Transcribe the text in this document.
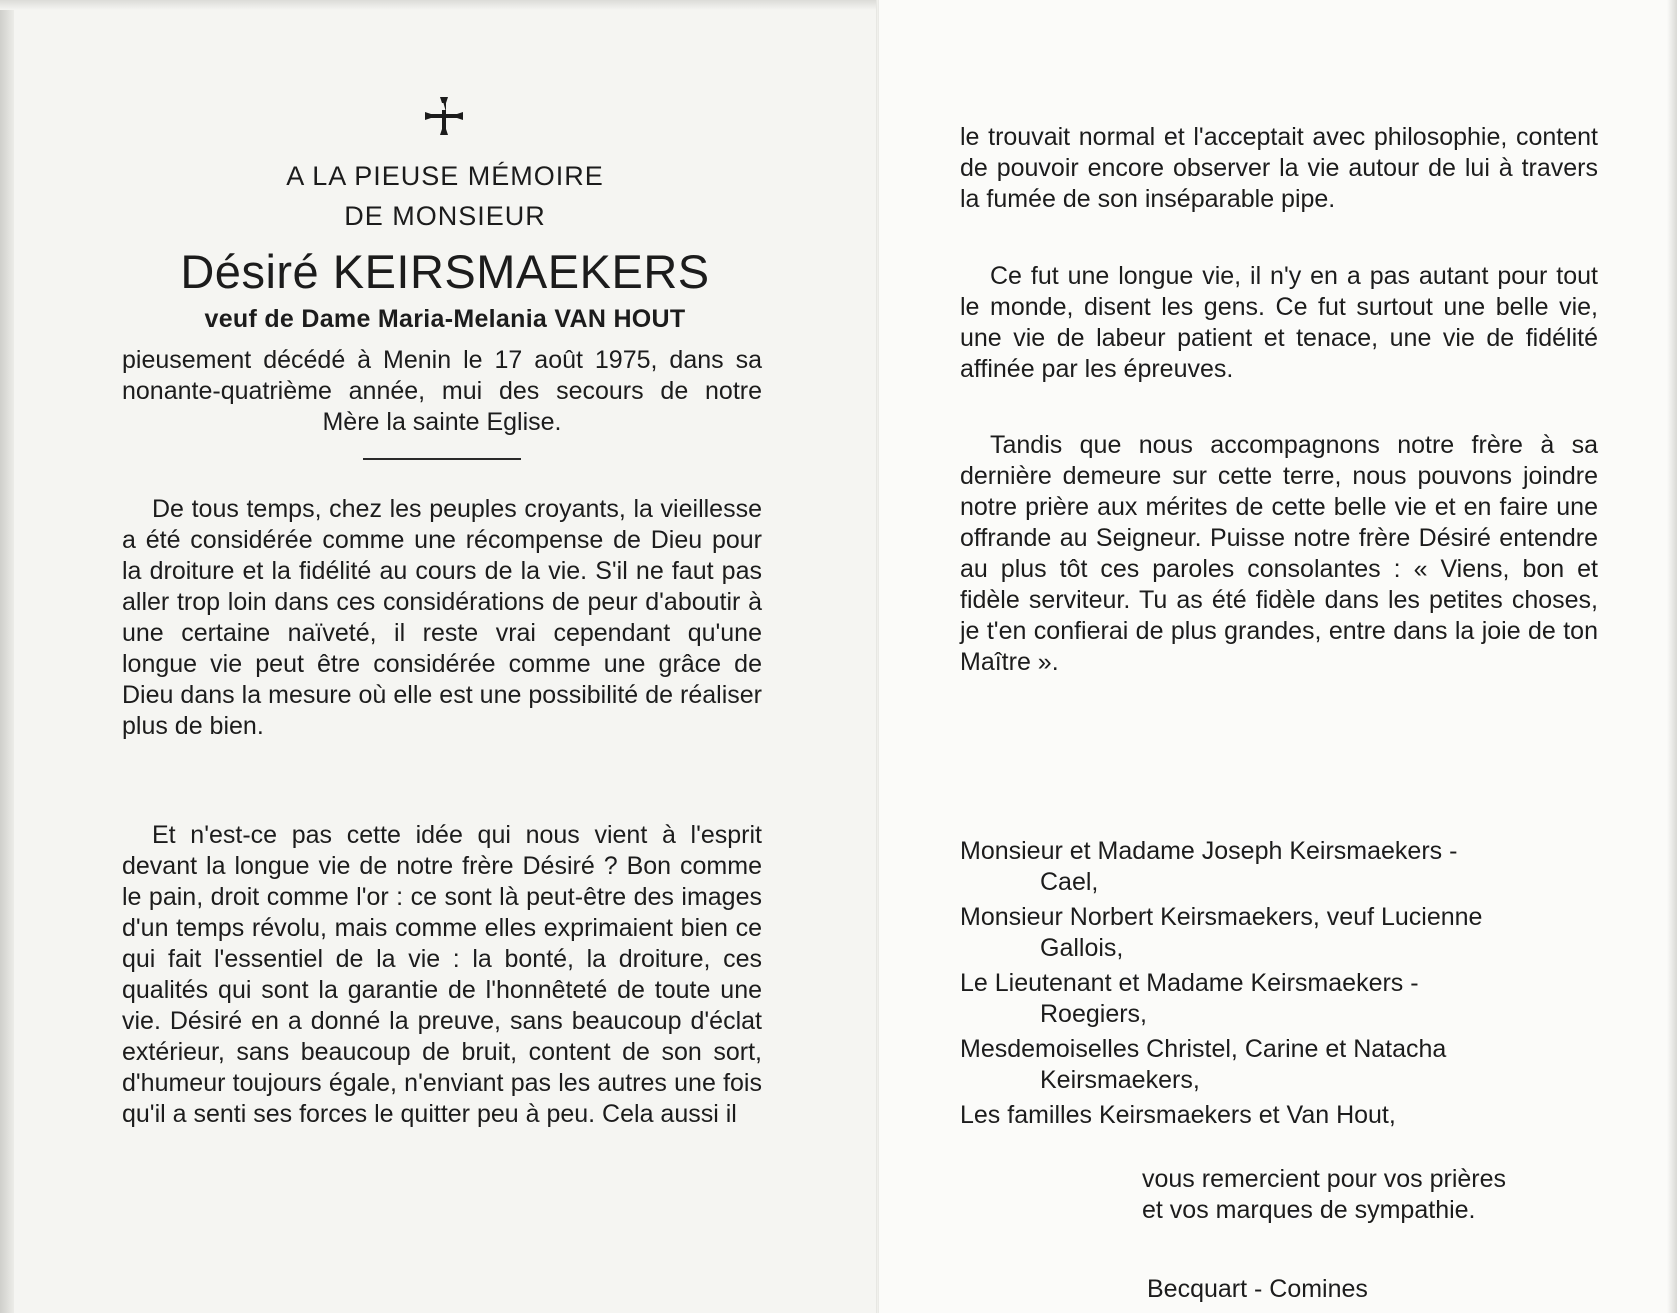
A LA PIEUSE MÉMOIRE
DE MONSIEUR
Désiré KEIRSMAEKERS
veuf de Dame Maria-Melania VAN HOUT
pieusement décédé à Menin le 17 août 1975, dans sa nonante-quatrième année, mui des secours de notre Mère la sainte Eglise.
De tous temps, chez les peuples croyants, la vieillesse a été considérée comme une récompense de Dieu pour la droiture et la fidélité au cours de la vie. S'il ne faut pas aller trop loin dans ces considérations de peur d'aboutir à une certaine naïveté, il reste vrai cependant qu'une longue vie peut être considérée comme une grâce de Dieu dans la mesure où elle est une possibilité de réaliser plus de bien.
Et n'est-ce pas cette idée qui nous vient à l'esprit devant la longue vie de notre frère Désiré ? Bon comme le pain, droit comme l'or : ce sont là peut-être des images d'un temps révolu, mais comme elles exprimaient bien ce qui fait l'essentiel de la vie : la bonté, la droiture, ces qualités qui sont la garantie de l'honnêteté de toute une vie. Désiré en a donné la preuve, sans beaucoup d'éclat extérieur, sans beaucoup de bruit, content de son sort, d'humeur toujours égale, n'enviant pas les autres une fois qu'il a senti ses forces le quitter peu à peu. Cela aussi il
le trouvait normal et l'acceptait avec philosophie, content de pouvoir encore observer la vie autour de lui à travers la fumée de son inséparable pipe.
Ce fut une longue vie, il n'y en a pas autant pour tout le monde, disent les gens. Ce fut surtout une belle vie, une vie de labeur patient et tenace, une vie de fidélité affinée par les épreuves.
Tandis que nous accompagnons notre frère à sa dernière demeure sur cette terre, nous pouvons joindre notre prière aux mérites de cette belle vie et en faire une offrande au Seigneur. Puisse notre frère Désiré entendre au plus tôt ces paroles consolantes : « Viens, bon et fidèle serviteur. Tu as été fidèle dans les petites choses, je t'en confierai de plus grandes, entre dans la joie de ton Maître ».
Monsieur et Madame Joseph Keirsmaekers -
Cael,
Monsieur Norbert Keirsmaekers, veuf Lucienne
Gallois,
Le Lieutenant et Madame Keirsmaekers -
Roegiers,
Mesdemoiselles Christel, Carine et Natacha
Keirsmaekers,
Les familles Keirsmaekers et Van Hout,
vous remercient pour vos prières
et vos marques de sympathie.
Becquart - Comines
